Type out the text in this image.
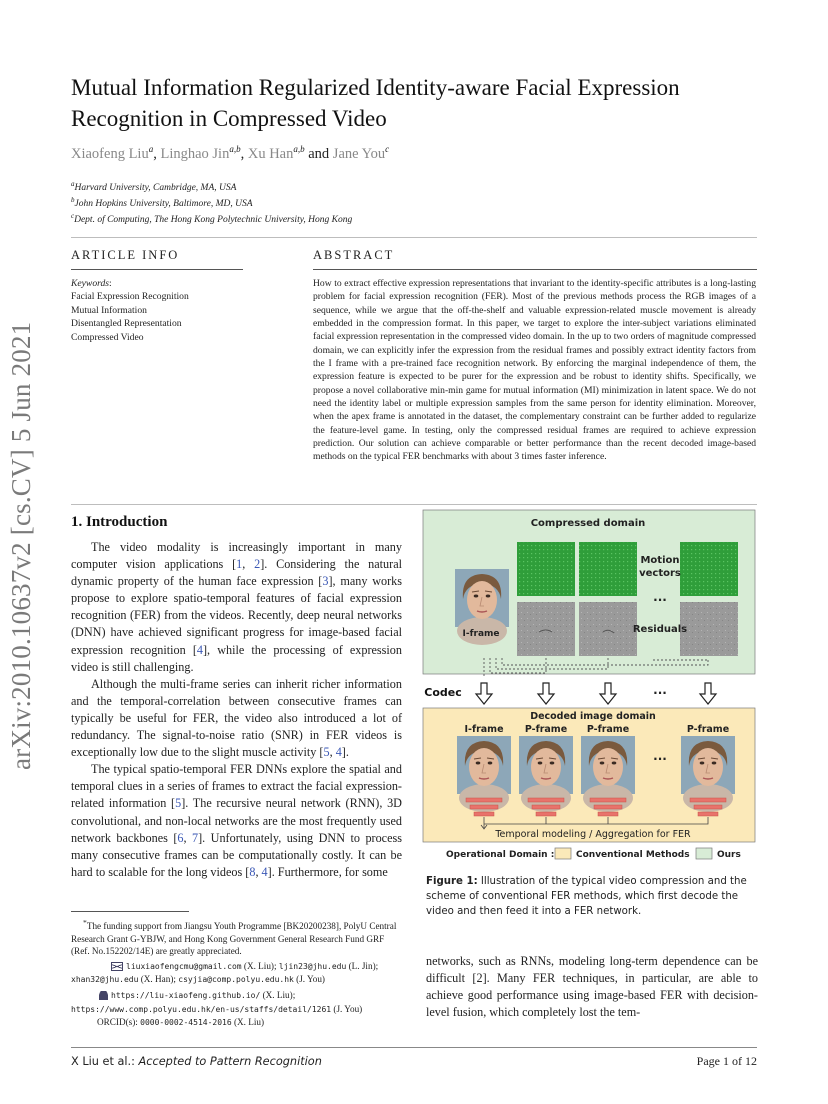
arXiv:2010.10637v2 [cs.CV] 5 Jun 2021
Mutual Information Regularized Identity-aware Facial Expression Recognition in Compressed Video
Xiaofeng Liu$^a$, Linghao Jin$^{a,b}$, Xu Han$^{a,b}$ and Jane You$^c$
$^a$Harvard University, Cambridge, MA, USA
$^b$John Hopkins University, Baltimore, MD, USA
$^c$Dept. of Computing, The Hong Kong Polytechnic University, Hong Kong
ARTICLE INFO
Keywords:
Facial Expression Recognition
Mutual Information
Disentangled Representation
Compressed Video
ABSTRACT
How to extract effective expression representations that invariant to the identity-specific attributes is a long-lasting problem for facial expression recognition (FER). Most of the previous methods process the RGB images of a sequence, while we argue that the off-the-shelf and valuable expression-related muscle movement is already embedded in the compression format. In this paper, we target to explore the inter-subject variations eliminated facial expression representation in the compressed video domain. In the up to two orders of magnitude compressed domain, we can explicitly infer the expression from the residual frames and possibly extract identity factors from the I frame with a pre-trained face recognition network. By enforcing the marginal independence of them, the expression feature is expected to be purer for the expression and be robust to identity shifts. Specifically, we propose a novel collaborative min-min game for mutual information (MI) minimization in latent space. We do not need the identity label or multiple expression samples from the same person for identity elimination. Moreover, when the apex frame is annotated in the dataset, the complementary constraint can be further added to regularize the feature-level game. In testing, only the compressed residual frames are required to achieve expression prediction. Our solution can achieve comparable or better performance than the recent decoded image-based methods on the typical FER benchmarks with about 3 times faster inference.
1. Introduction

The video modality is increasingly important in many computer vision applications [1, 2]. Considering the natural dynamic property of the human face expression [3], many works propose to explore spatio-temporal features of facial expression recognition (FER) from the videos. Recently, deep neural networks (DNN) have achieved significant progress for image-based facial expression recognition [4], while the processing of expression video is still challenging.

Although the multi-frame series can inherit richer information and the temporal-correlation between consecutive frames can typically be useful for FER, the video also introduced a lot of redundancy. The signal-to-noise ratio (SNR) in FER videos is exceptionally low due to the slight muscle activity [5, 4].

The typical spatio-temporal FER DNNs explore the spatial and temporal clues in a series of frames to extract the facial expression-related information [5]. The recursive neural network (RNN), 3D convolutional, and non-local networks are the most frequently used network backbones [6, 7]. Unfortunately, using DNN to process many consecutive frames can be computationally costly. It can be hard to scalable for the long videos [8, 4]. Furthermore, for some

*The funding support from Jiangsu Youth Programme [BK20200238], PolyU Central Research Grant G-YBJW, and Hong Kong Government General Research Fund GRF (Ref. No.152202/14E) are greatly appreciated.
liuxiaofengcmu@gmail.com (X. Liu); ljin23@jhu.edu (L. Jin);
xhan32@jhu.edu (X. Han); csyjia@comp.polyu.edu.hk (J. You)
https://liu-xiaofeng.github.io/ (X. Liu);
https://www.comp.polyu.edu.hk/en-us/staffs/detail/1261 (J. You)
ORCID(s): 0000-0002-4514-2016 (X. Liu)
Compressed domain
I-frame
Motion vectors
···
Residuals
Codec	···
Decoded image domain
I-frame P-frame P-frame	P-frame
···
Temporal modeling / Aggregation for FER
Operational Domain : Conventional Methods	Ours
Figure 1: Illustration of the typical video compression and the scheme of conventional FER methods, which first decode the video and then feed it into a FER network.
networks, such as RNNs, modeling long-term dependence can be difficult [2]. Many FER techniques, in particular, are able to achieve good performance using image-based FER with decision-level fusion, which completely lost the tem-
X Liu et al.: Accepted to Pattern Recognition	Page 1 of 12
